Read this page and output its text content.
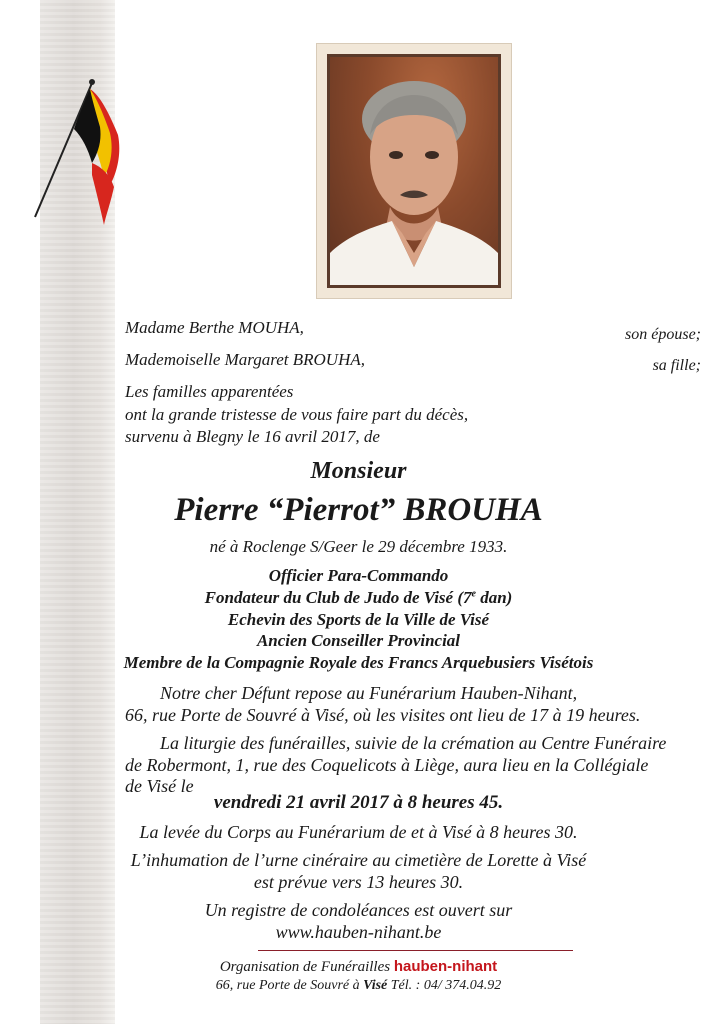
Madame Berthe MOUHA,	son épouse;
Mademoiselle Margaret BROUHA,	sa fille;
Les familles apparentées
ont la grande tristesse de vous faire part du décès,
survenu à Blegny le 16 avril 2017, de
Monsieur
Pierre “Pierrot” BROUHA
né à Roclenge S/Geer le 29 décembre 1933.
Officier Para-Commando
Fondateur du Club de Judo de Visé (7e dan)
Echevin des Sports de la Ville de Visé
Ancien Conseiller Provincial
Membre de la Compagnie Royale des Francs Arquebusiers Visétois
Notre cher Défunt repose au Funérarium Hauben-Nihant,
66, rue Porte de Souvré à Visé, où les visites ont lieu de 17 à 19 heures.
La liturgie des funérailles, suivie de la crémation au Centre Funéraire
de Robermont, 1, rue des Coquelicots à Liège, aura lieu en la Collégiale
de Visé le
vendredi 21 avril 2017 à 8 heures 45.
La levée du Corps au Funérarium de et à Visé à 8 heures 30.
L’inhumation de l’urne cinéraire au cimetière de Lorette à Visé
est prévue vers 13 heures 30.
Un registre de condoléances est ouvert sur
www.hauben-nihant.be
Organisation de Funérailles hauben-nihant
66, rue Porte de Souvré à Visé Tél. : 04/ 374.04.92
